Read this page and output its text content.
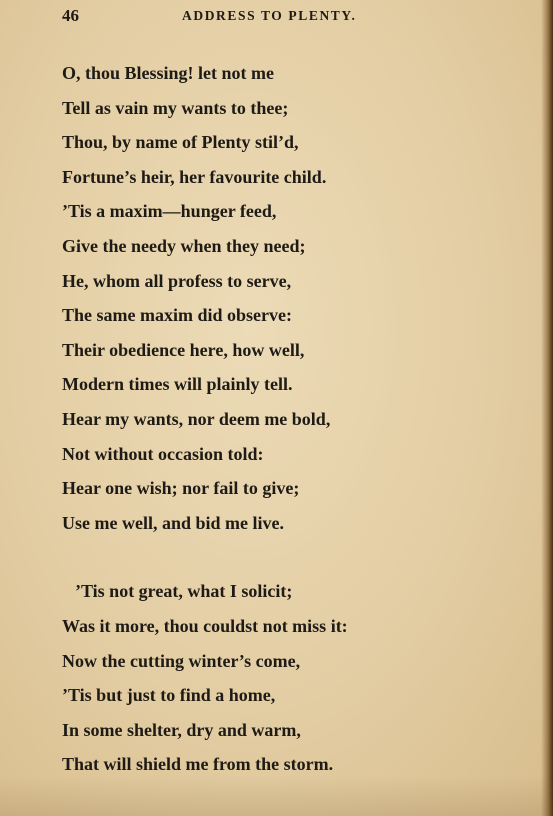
46	ADDRESS TO PLENTY.
O, thou Blessing! let not me
Tell as vain my wants to thee;
Thou, by name of Plenty stil’d,
Fortune’s heir, her favourite child.
’Tis a maxim—hunger feed,
Give the needy when they need;
He, whom all profess to serve,
The same maxim did observe:
Their obedience here, how well,
Modern times will plainly tell.
Hear my wants, nor deem me bold,
Not without occasion told:
Hear one wish; nor fail to give;
Use me well, and bid me live.
’Tis not great, what I solicit;
Was it more, thou couldst not miss it:
Now the cutting winter’s come,
’Tis but just to find a home,
In some shelter, dry and warm,
That will shield me from the storm.
